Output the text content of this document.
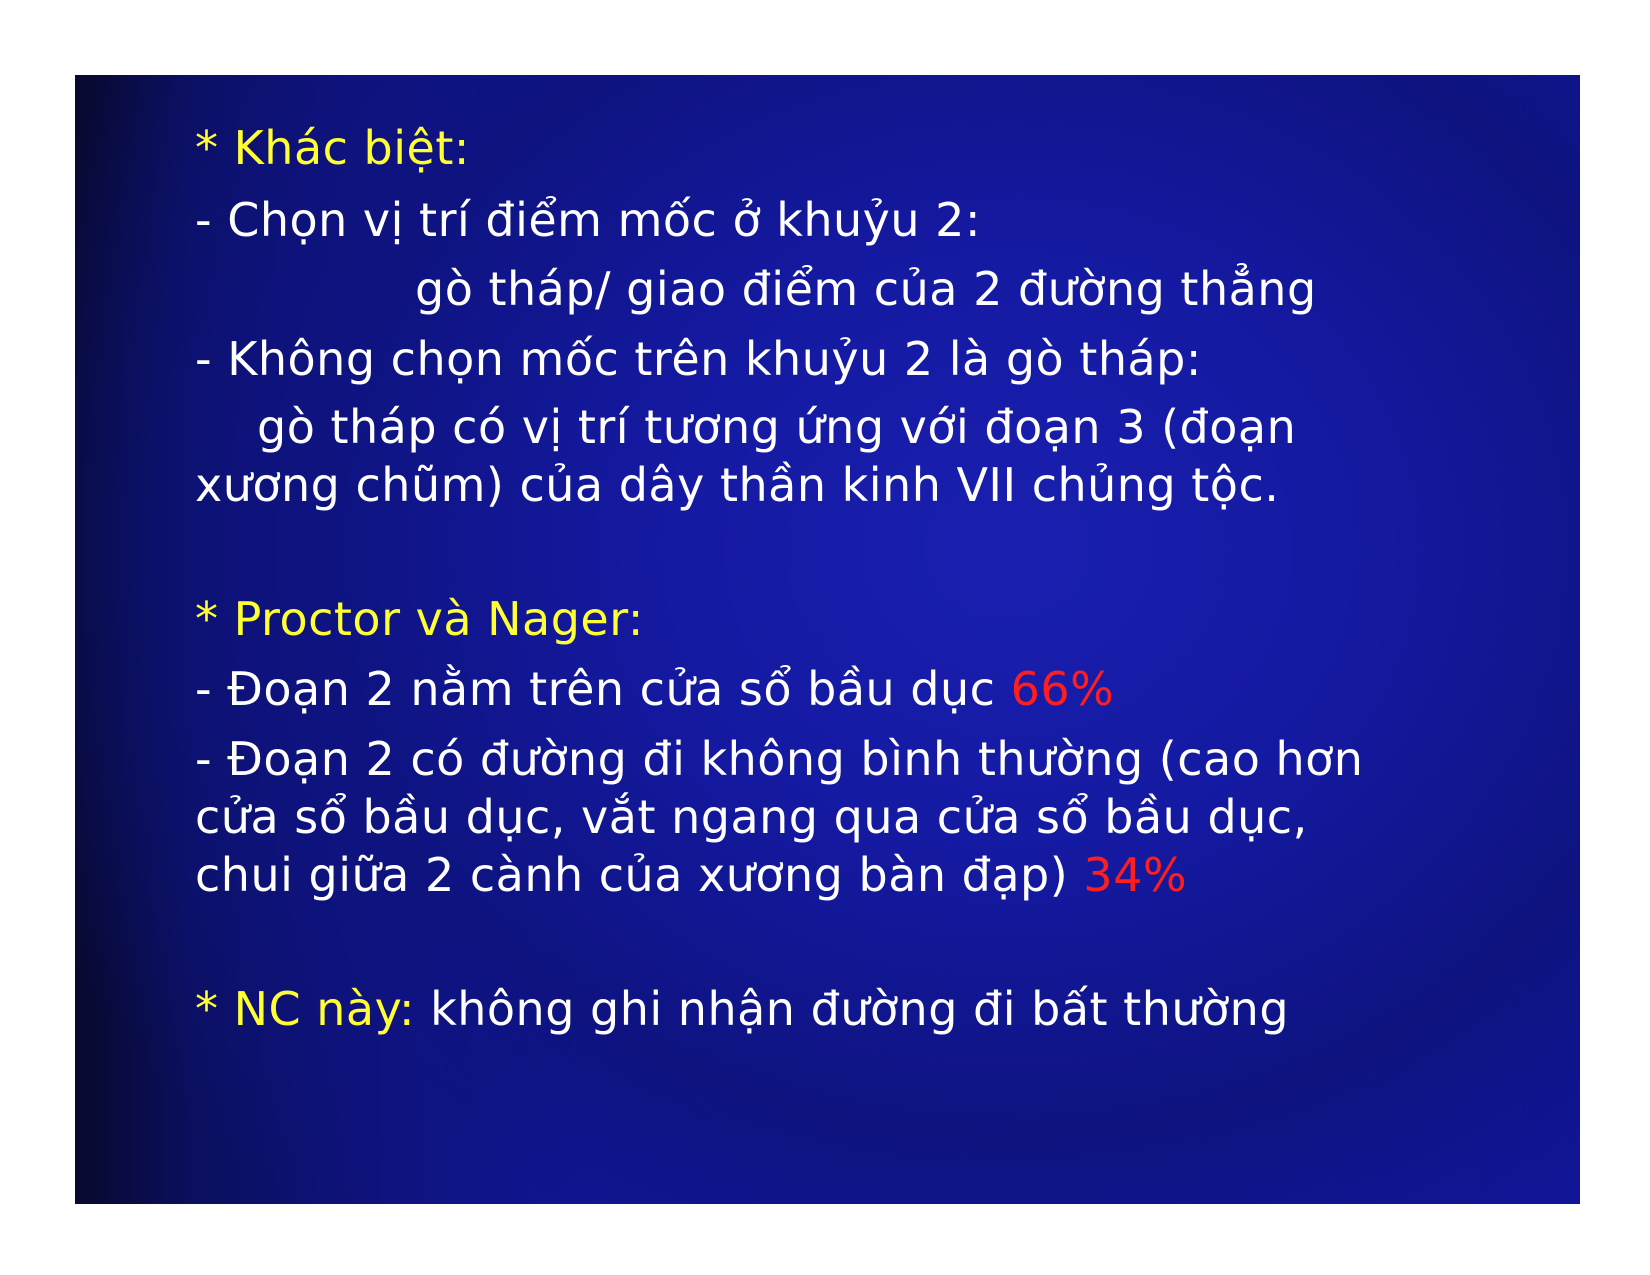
* Khác biệt:
- Chọn vị trí điểm mốc ở khuỷu 2:
gò tháp/ giao điểm của 2 đường thẳng
- Không chọn mốc trên khuỷu 2 là gò tháp:
gò tháp có vị trí tương ứng với đoạn 3 (đoạn
xương chũm) của dây thần kinh VII chủng tộc.
* Proctor và Nager:
- Đoạn 2 nằm trên cửa sổ bầu dục 66%
- Đoạn 2 có đường đi không bình thường (cao hơn
cửa sổ bầu dục, vắt ngang qua cửa sổ bầu dục,
chui giữa 2 cành của xương bàn đạp) 34%
* NC này: không ghi nhận đường đi bất thường
